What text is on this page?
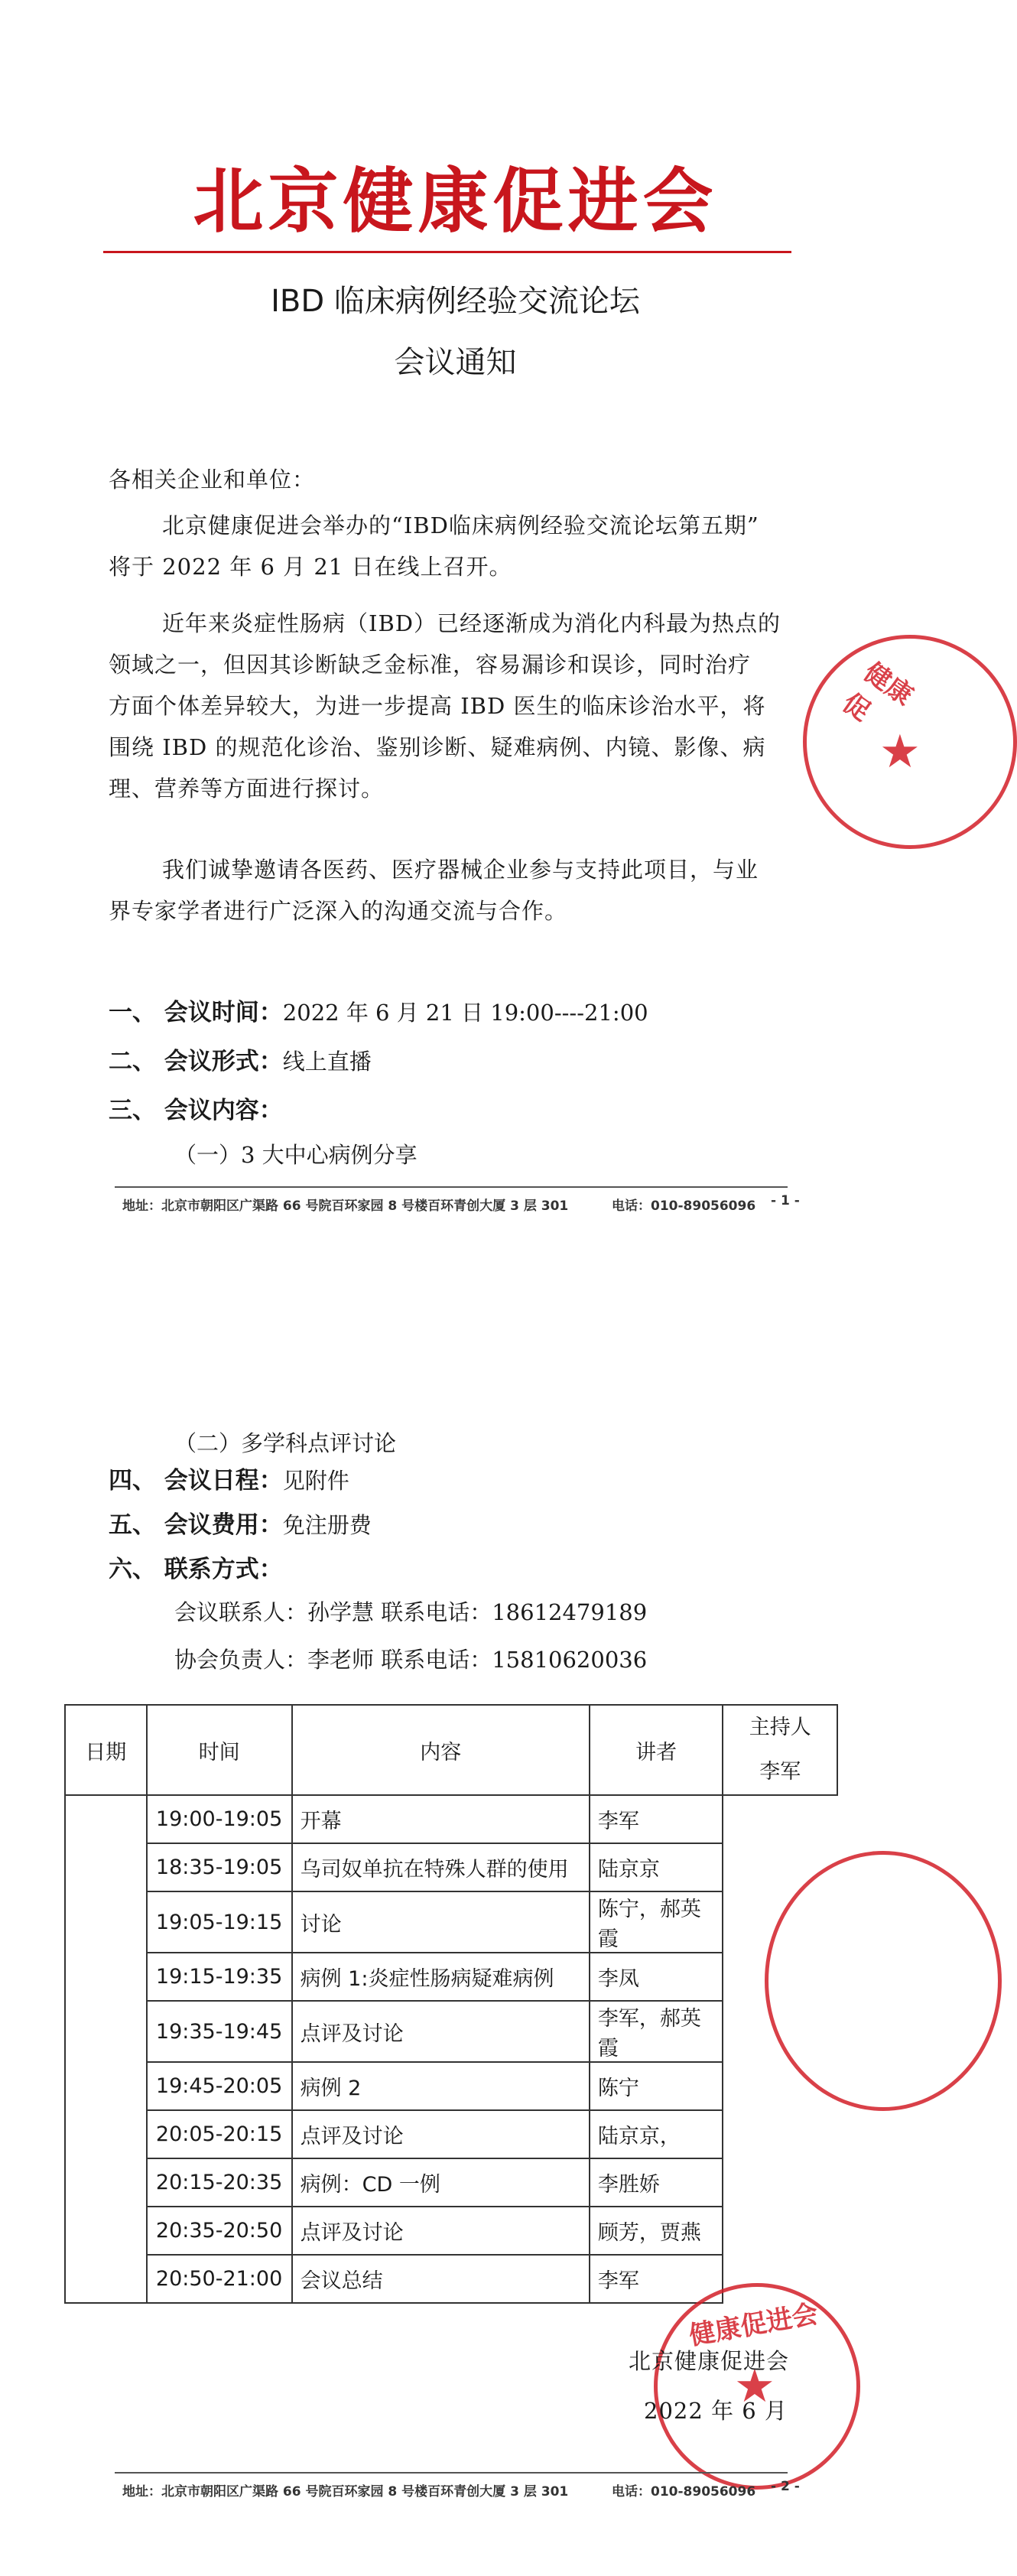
北京健康促进会
IBD 临床病例经验交流论坛
会议通知
各相关企业和单位：
北京健康促进会举办的“IBD临床病例经验交流论坛第五期”
将于 2022 年 6 月 21 日在线上召开。
近年来炎症性肠病（IBD）已经逐渐成为消化内科最为热点的
领域之一，但因其诊断缺乏金标准，容易漏诊和误诊，同时治疗
方面个体差异较大，为进一步提高 IBD 医生的临床诊治水平，将
围绕 IBD 的规范化诊治、鉴别诊断、疑难病例、内镜、影像、病
理、营养等方面进行探讨。
我们诚挚邀请各医药、医疗器械企业参与支持此项目，与业
界专家学者进行广泛深入的沟通交流与合作。
一、 会议时间：2022 年 6 月 21 日 19:00----21:00
二、 会议形式：线上直播
三、 会议内容：
（一）3 大中心病例分享
地址：北京市朝阳区广渠路 66 号院百环家园 8 号楼百环青创大厦 3 层 301	电话：010-89056096 - 1 -
健康促
★
（二）多学科点评讨论
四、 会议日程：见附件
五、 会议费用：免注册费
六、 联系方式：
会议联系人：孙学慧 联系电话：18612479189
协会负责人：李老师 联系电话：15810620036
日期	时间	内容	讲者	主持人
李军

	19:00-19:05	开幕	李军	
	18:35-19:05	乌司奴单抗在特殊人群的使用	陆京京	
	19:05-19:15	讨论	陈宁，郝英霞	
	19:15-19:35	病例 1:炎症性肠病疑难病例	李凤	
	19:35-19:45	点评及讨论	李军，郝英霞	
	19:45-20:05	病例 2	陈宁	
	20:05-20:15	点评及讨论	陆京京，	
	20:15-20:35	病例：CD 一例	李胜娇	
	20:35-20:50	点评及讨论	顾芳，贾燕	
	20:50-21:00	会议总结	李军	
★
健康促进会
北京健康促进会
2022 年 6 月
地址：北京市朝阳区广渠路 66 号院百环家园 8 号楼百环青创大厦 3 层 301	电话：010-89056096 - 2 -
